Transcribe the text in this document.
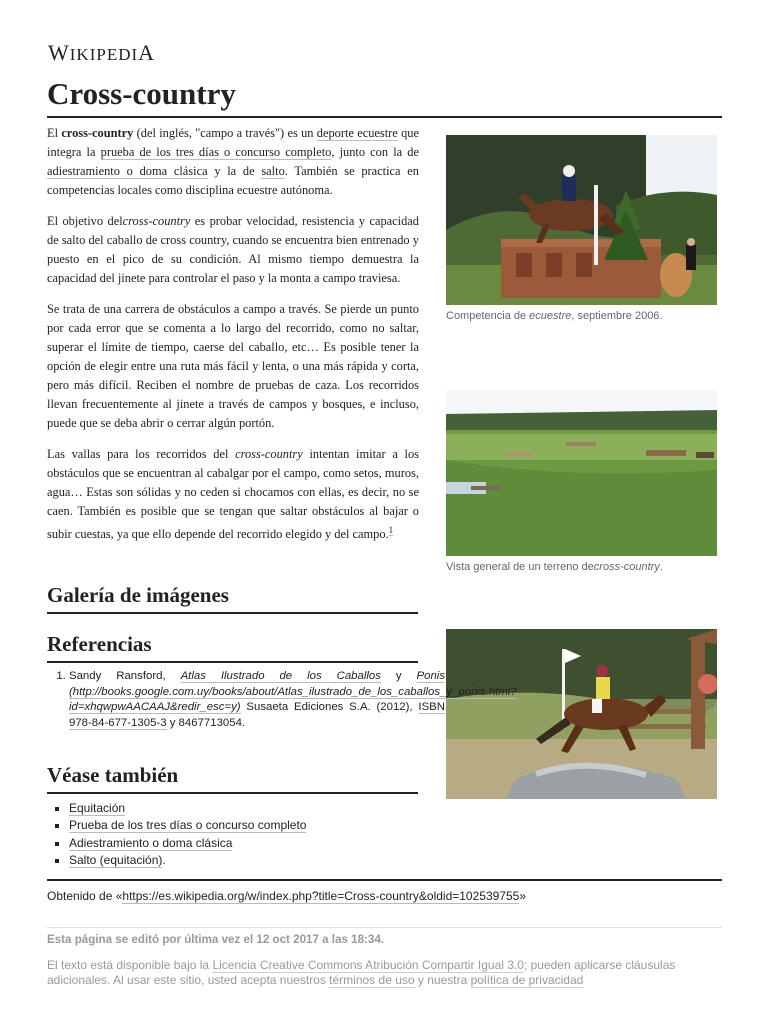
WIKIPEDIA
Cross-country

El cross-country (del inglés, "campo a través") es un deporte ecuestre que integra la prueba de los tres días o concurso completo, junto con la de adiestramiento o doma clásica y la de salto. También se practica en competencias locales como disciplina ecuestre autónoma.

El objetivo delcross-country es probar velocidad, resistencia y capacidad de salto del caballo de cross country, cuando se encuentra bien entrenado y puesto en el pico de su condición. Al mismo tiempo demuestra la capacidad del jinete para controlar el paso y la monta a campo traviesa.

Se trata de una carrera de obstáculos a campo a través. Se pierde un punto por cada error que se comenta a lo largo del recorrido, como no saltar, superar el límite de tiempo, caerse del caballo, etc… Es posible tener la opción de elegir entre una ruta más fácil y lenta, o una más rápida y corta, pero más difícil. Reciben el nombre de pruebas de caza. Los recorridos llevan frecuentemente al jinete a través de campos y bosques, e incluso, puede que se deba abrir o cerrar algún portón.

Las vallas para los recorridos del cross-country intentan imitar a los obstáculos que se encuentran al cabalgar por el campo, como setos, muros, agua… Estas son sólidas y no ceden si chocamos con ellas, es decir, no se caen. También es posible que se tengan que saltar obstáculos al bajar o subir cuestas, ya que ello depende del recorrido elegido y del campo.$^1$

Competencia de ecuestre, septiembre 2006.
Vista general de un terreno decross-country.
Galería de imágenes
Referencias
1. Sandy Ransford, Atlas Ilustrado de los Caballos y Ponis (http://books.google.com.uy/books/about/Atlas_ilustrado_de_los_caballos_y_ponis.html?id=xhqwpwAACAAJ&redir_esc=y) Susaeta Ediciones S.A. (2012), ISBN 978-84-677-1305-3 y 8467713054.
Véase también
▪ Equitación
▪ Prueba de los tres días o concurso completo
▪ Adiestramiento o doma clásica
▪ Salto (equitación).
Obtenido de «https://es.wikipedia.org/w/index.php?title=Cross-country&oldid=102539755»
Esta página se editó por última vez el 12 oct 2017 a las 18:34.
El texto está disponible bajo la Licencia Creative Commons Atribución Compartir Igual 3.0; pueden aplicarse cláusulas adicionales. Al usar este sitio, usted acepta nuestros términos de uso y nuestra política de privacidad
